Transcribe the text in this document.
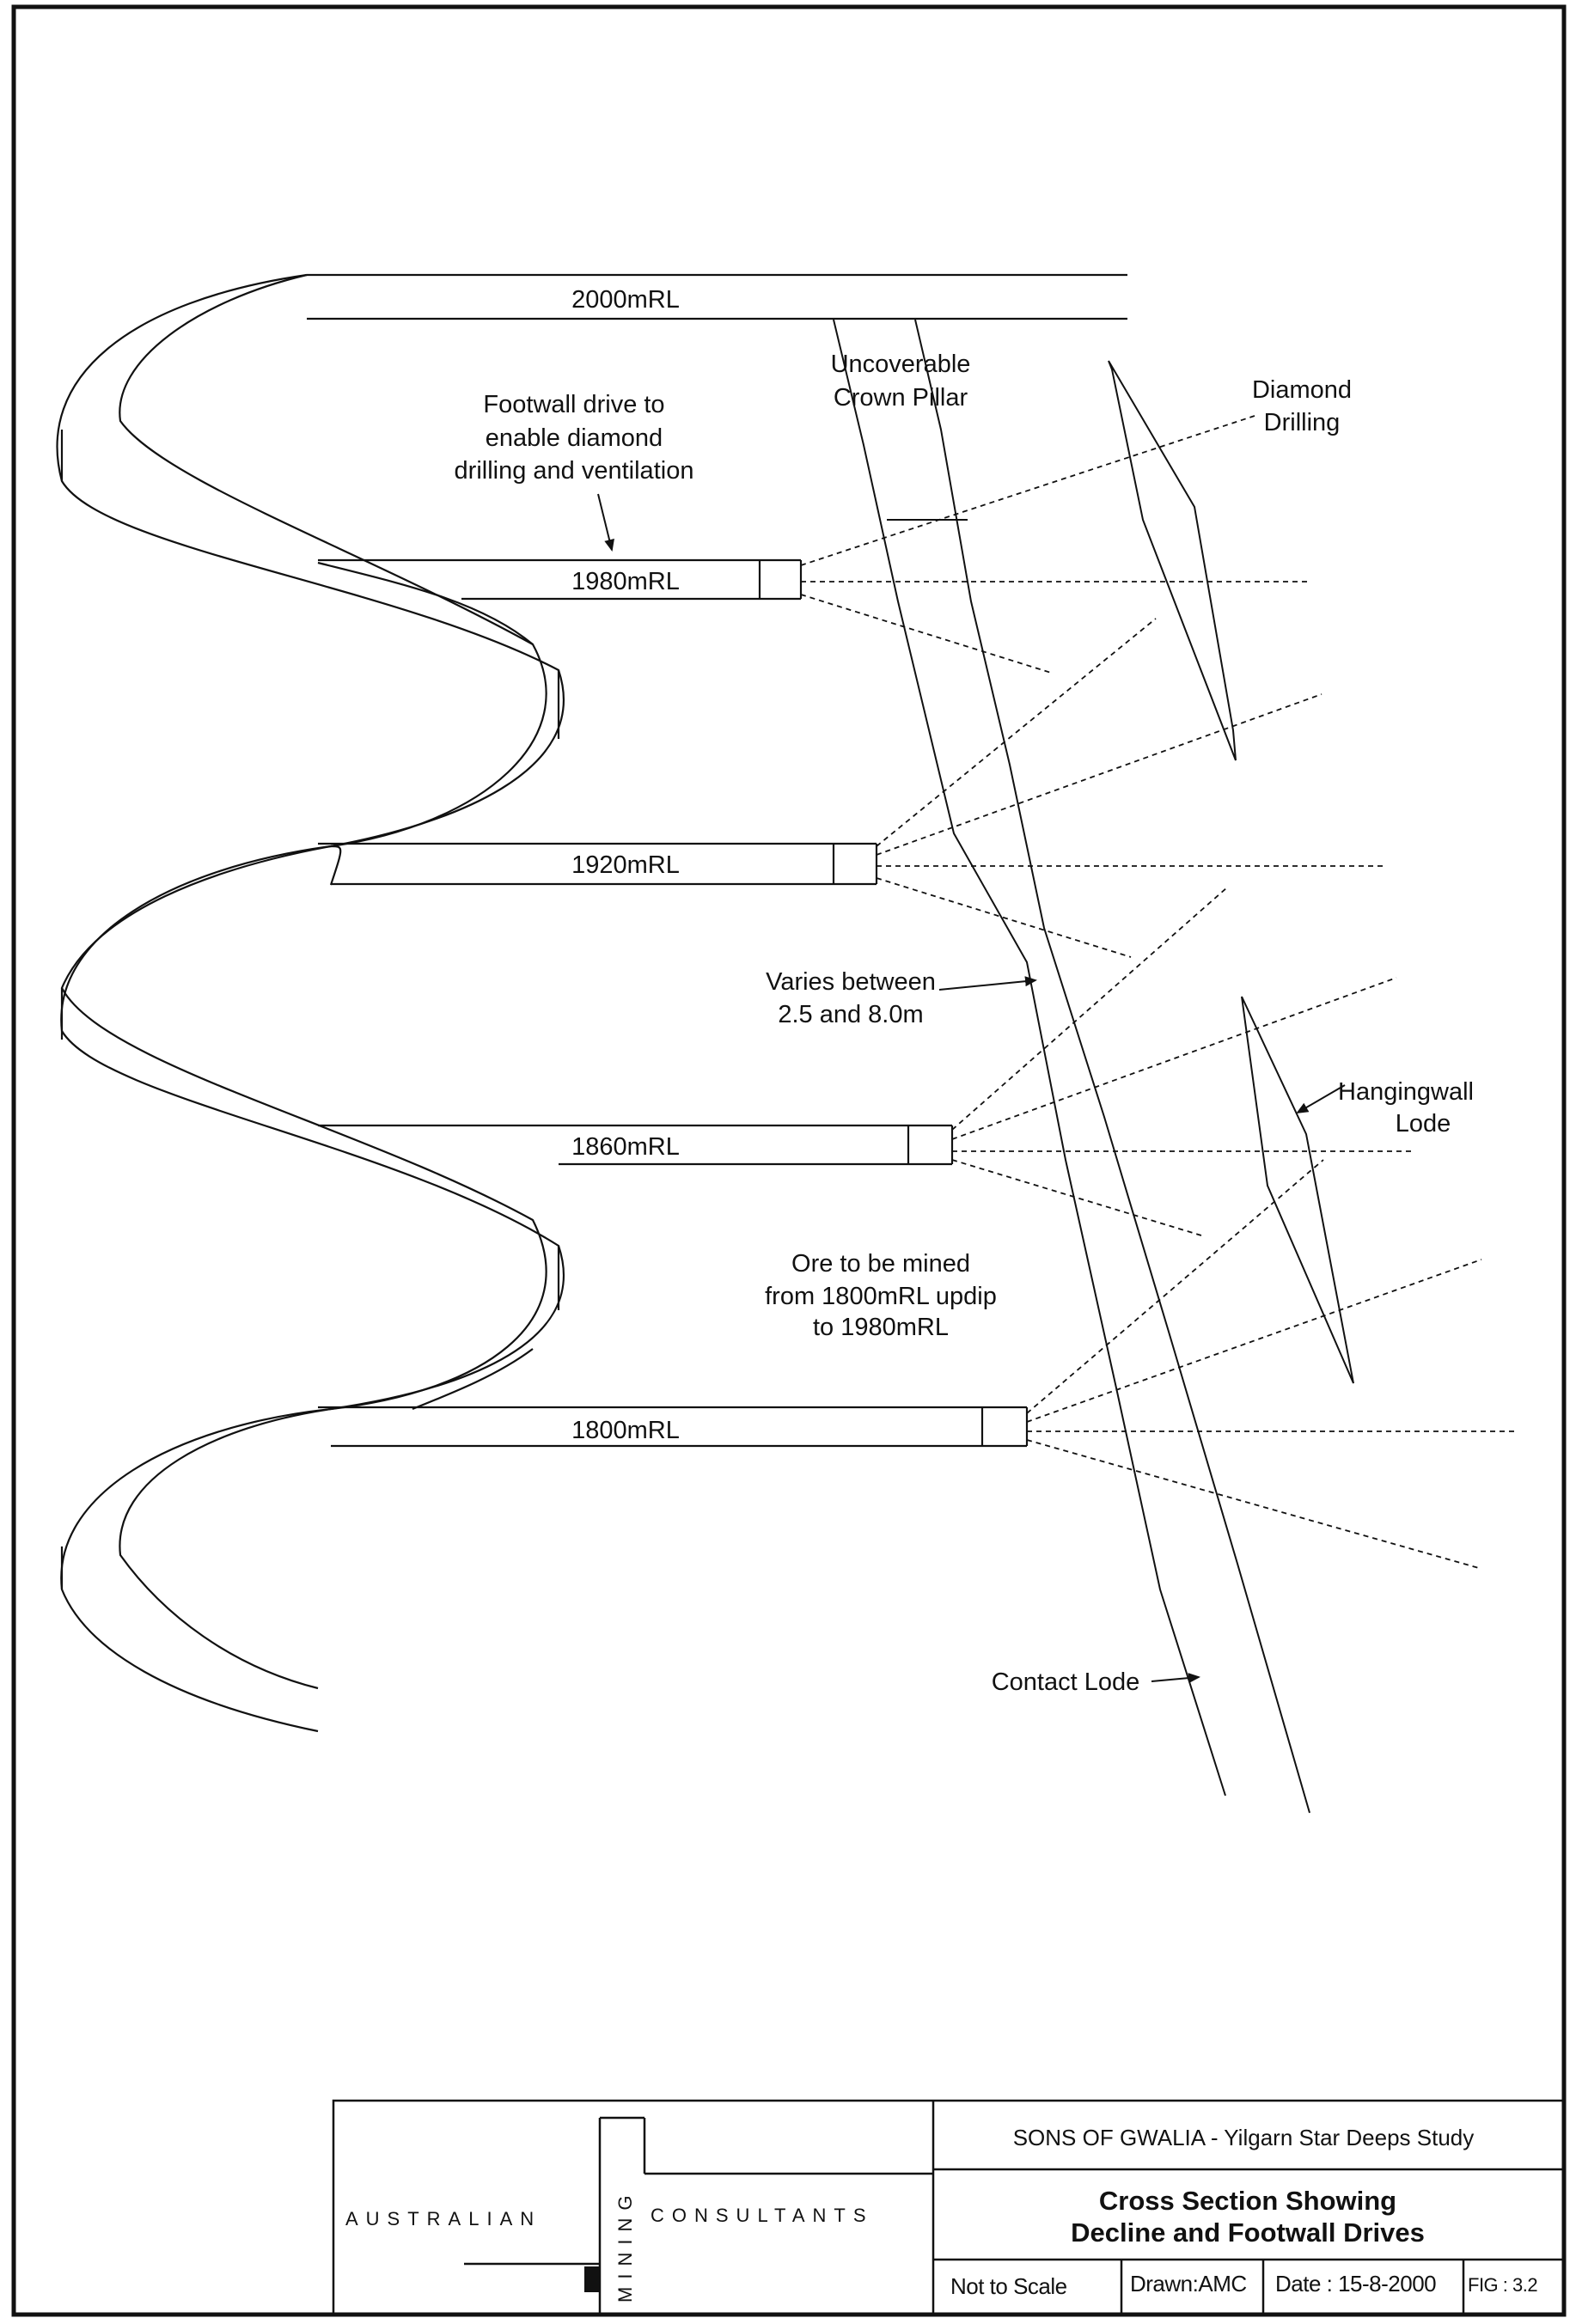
2000mRL
1980mRL
1920mRL
1860mRL
1800mRL
Uncoverable
Crown Pillar
Footwall drive to
enable diamond
drilling and ventilation
Diamond
Drilling
Varies between
2.5 and 8.0m
Hangingwall
Lode
Ore to be mined
from 1800mRL updip
to 1980mRL
Contact Lode
AUSTRALIAN	MINING CONSULTANTS
SONS OF GWALIA - Yilgarn Star Deeps Study
Cross Section Showing
Decline and Footwall Drives
Not to Scale	Drawn:AMC Date : 15-8-2000 FIG : 3.2
